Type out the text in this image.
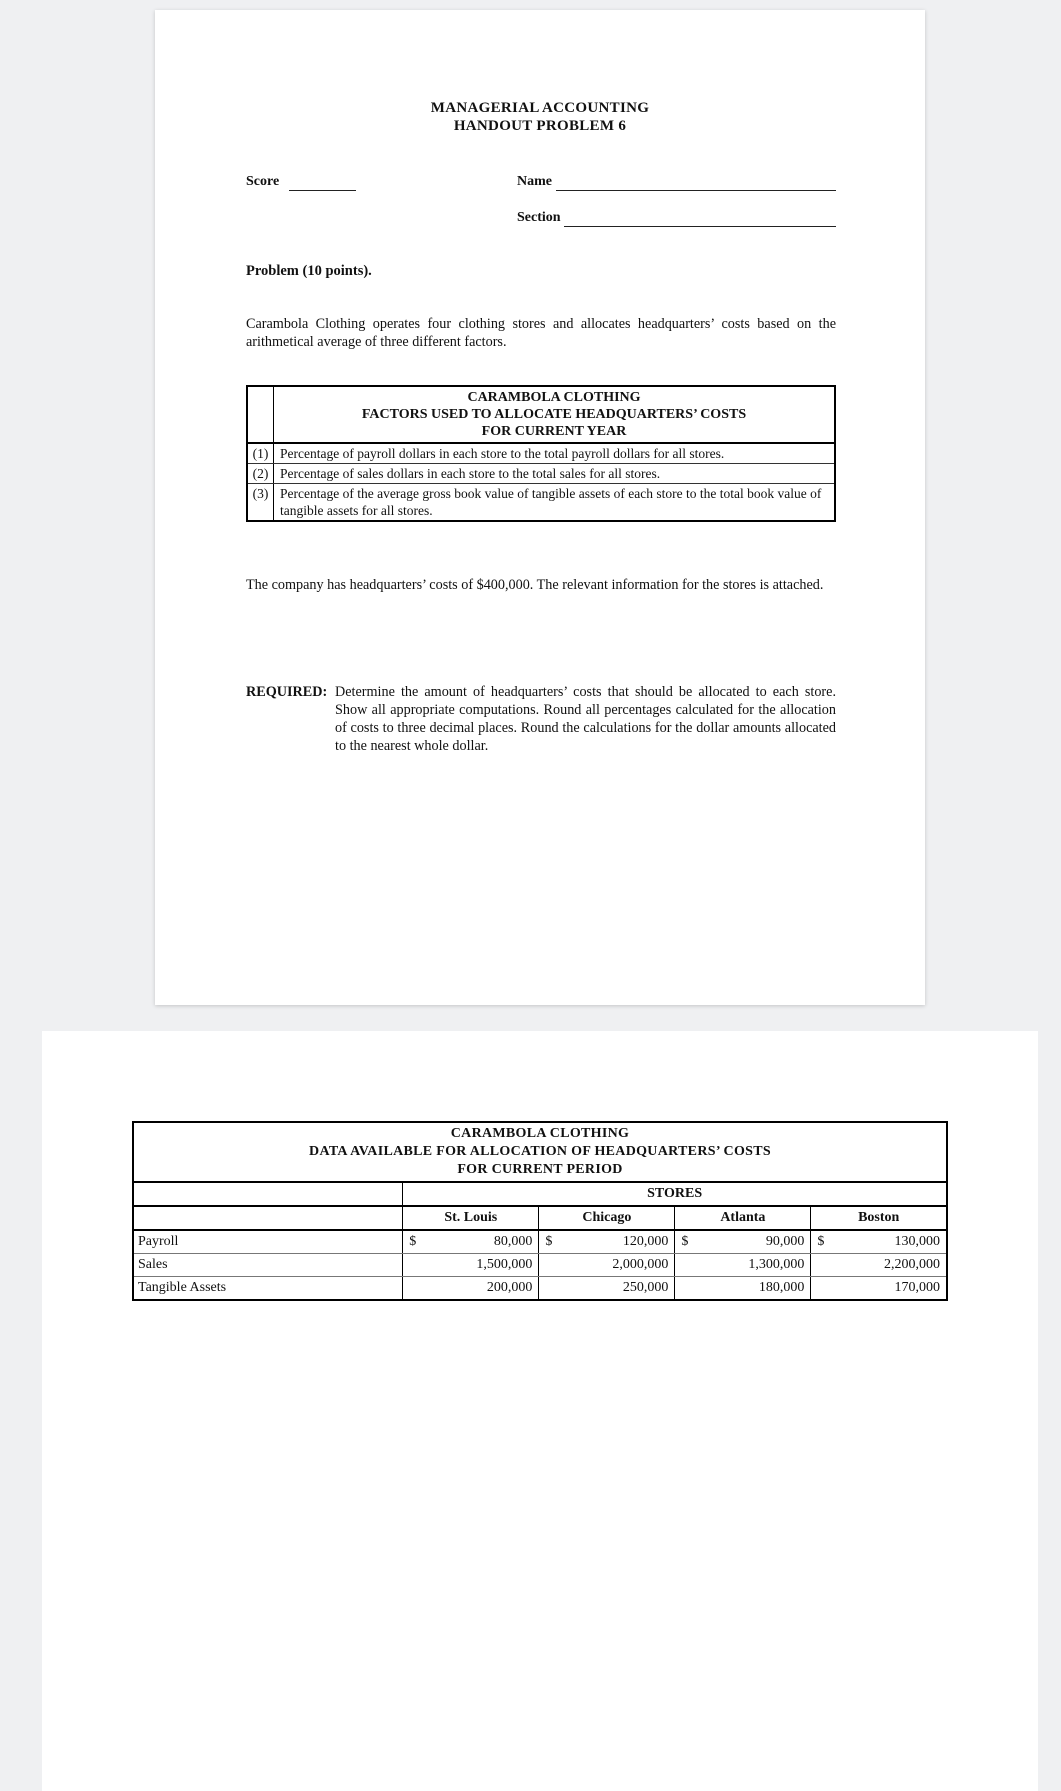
MANAGERIAL ACCOUNTING
HANDOUT PROBLEM 6
Score	Name
Section
Problem (10 points).
Carambola Clothing operates four clothing stores and allocates headquarters’ costs based on the arithmetical average of three different factors.

	CARAMBOLA CLOTHING
FACTORS USED TO ALLOCATE HEADQUARTERS’ COSTS
FOR CURRENT YEAR

(1)	Percentage of payroll dollars in each store to the total payroll dollars for all stores.
(2)	Percentage of sales dollars in each store to the total sales for all stores.
(3)	Percentage of the average gross book value of tangible assets of each store to the total book value of tangible assets for all stores.
The company has headquarters’ costs of $400,000. The relevant information for the stores is attached.
REQUIRED: Determine the amount of headquarters’ costs that should be allocated to each store. Show all appropriate computations. Round all percentages calculated for the allocation of costs to three decimal places. Round the calculations for the dollar amounts allocated to the nearest whole dollar.
CARAMBOLA CLOTHING
DATA AVAILABLE FOR ALLOCATION OF HEADQUARTERS’ COSTS
FOR CURRENT PERIOD								

	STORES							
	St. Louis		Chicago		Atlanta		Boston	
Payroll	$	80,000	$	120,000	$	90,000	$	130,000
Sales		1,500,000		2,000,000		1,300,000		2,200,000
Tangible Assets		200,000		250,000		180,000		170,000
